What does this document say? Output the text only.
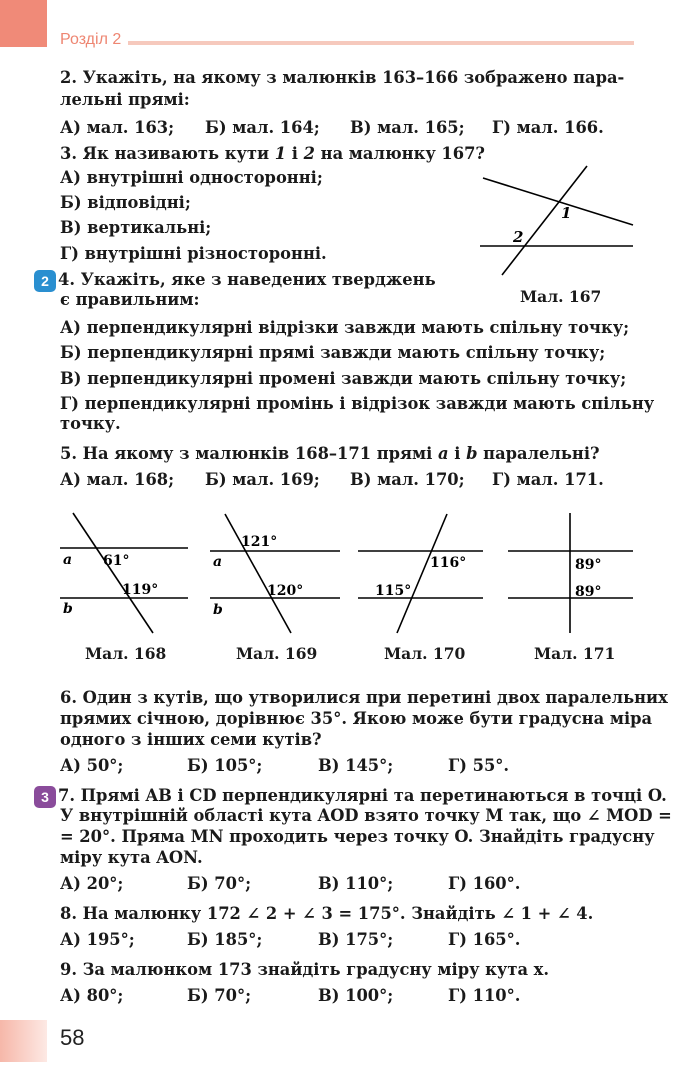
Розділ 2
2. Укажіть, на якому з малюнків 163–166 зображено пара-
лельні прямі:
А) мал. 163; Б) мал. 164; В) мал. 165; Г) мал. 166.
3. Як називають кути 1 і 2 на малюнку 167?
А) внутрішні односторонні;
Б) відповідні;
В) вертикальні;
Г) внутрішні різносторонні.
1
2
Мал. 167
2 4. Укажіть, яке з наведених тверджень
є правильним:
А) перпендикулярні відрізки завжди мають спільну точку;
Б) перпендикулярні прямі завжди мають спільну точку;
В) перпендикулярні промені завжди мають спільну точку;
Г) перпендикулярні промінь і відрізок завжди мають спільну
точку.
5. На якому з малюнків 168–171 прямі a і b паралельні?
А) мал. 168; Б) мал. 169; В) мал. 170; Г) мал. 171.
a
b
61°
119°
Мал. 168
a
b
121°
120°
Мал. 169
116°
115°
Мал. 170
89°
89°
Мал. 171
6. Один з кутів, що утворилися при перетині двох паралельних
прямих січною, дорівнює 35°. Якою може бути градусна міра
одного з інших семи кутів?
А) 50°;	Б) 105°;	В) 145°;	Г) 55°.
3 7. Прямі AB і CD перпендикулярні та перетинаються в точці O.
У внутрішній області кута AOD взято точку M так, що ∠ MOD =
= 20°. Пряма MN проходить через точку O. Знайдіть градусну
міру кута AON.
А) 20°;	Б) 70°;	В) 110°;	Г) 160°.
8. На малюнку 172 ∠ 2 + ∠ 3 = 175°. Знайдіть ∠ 1 + ∠ 4.
А) 195°;	Б) 185°;	В) 175°;	Г) 165°.
9. За малюнком 173 знайдіть градусну міру кута x.
А) 80°;	Б) 70°;	В) 100°;	Г) 110°.
58
